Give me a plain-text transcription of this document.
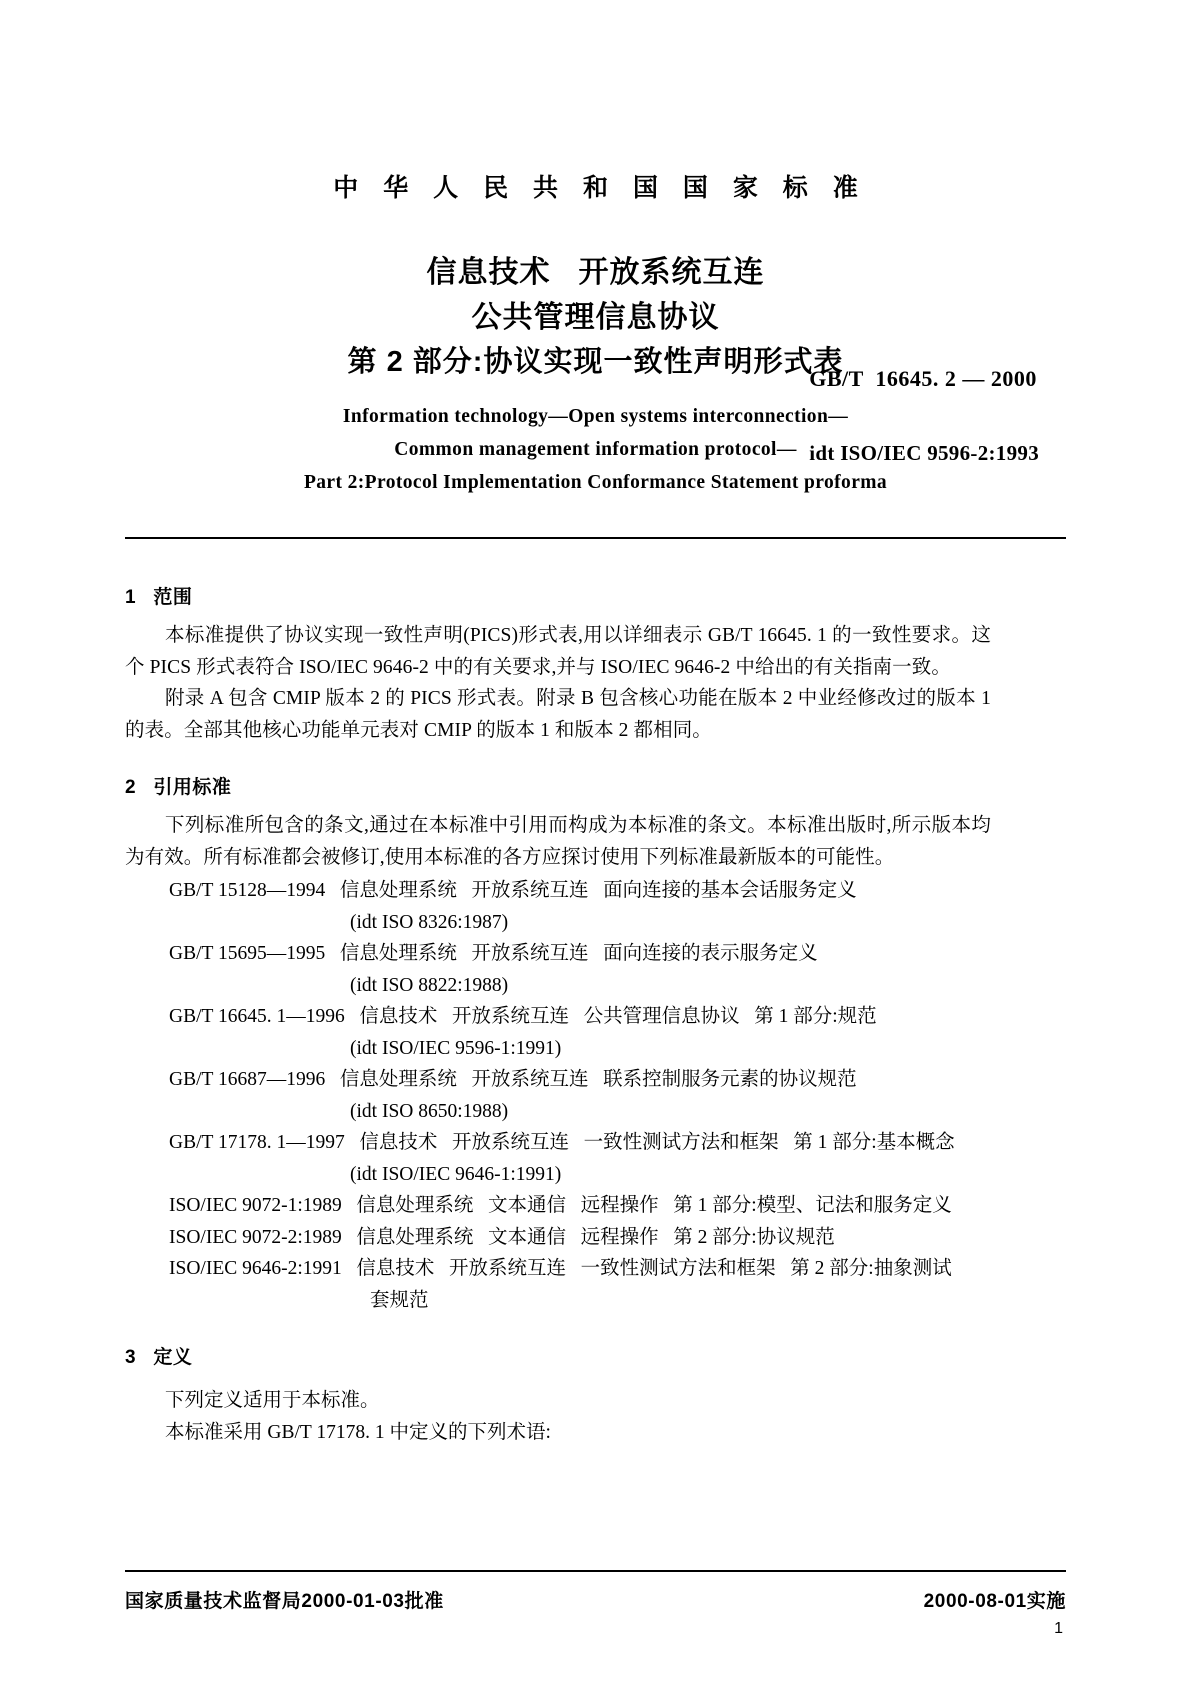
中 华 人 民 共 和 国 国 家 标 准
信息技术   开放系统互连
公共管理信息协议
第 2 部分:协议实现一致性声明形式表

GB/T  16645. 2 — 2000

idt ISO/IEC 9596-2:1993

Information technology—Open systems interconnection—
Common management information protocol—
Part 2:Protocol Implementation Conformance Statement proforma
1   范围

本标准提供了协议实现一致性声明(PICS)形式表,用以详细表示 GB/T 16645. 1 的一致性要求。这个 PICS 形式表符合 ISO/IEC 9646-2 中的有关要求,并与 ISO/IEC 9646-2 中给出的有关指南一致。

附录 A 包含 CMIP 版本 2 的 PICS 形式表。附录 B 包含核心功能在版本 2 中业经修改过的版本 1 的表。全部其他核心功能单元表对 CMIP 的版本 1 和版本 2 都相同。

2   引用标准

下列标准所包含的条文,通过在本标准中引用而构成为本标准的条文。本标准出版时,所示版本均为有效。所有标准都会被修订,使用本标准的各方应探讨使用下列标准最新版本的可能性。

GB/T 15128—1994 信息处理系统   开放系统互连   面向连接的基本会话服务定义
(idt ISO 8326:1987)
GB/T 15695—1995 信息处理系统   开放系统互连   面向连接的表示服务定义
(idt ISO 8822:1988)
GB/T 16645. 1—1996 信息技术   开放系统互连   公共管理信息协议   第 1 部分:规范
(idt ISO/IEC 9596-1:1991)
GB/T 16687—1996 信息处理系统   开放系统互连   联系控制服务元素的协议规范
(idt ISO 8650:1988)
GB/T 17178. 1—1997 信息技术   开放系统互连   一致性测试方法和框架   第 1 部分:基本概念
(idt ISO/IEC 9646-1:1991)
ISO/IEC 9072-1:1989 信息处理系统   文本通信   远程操作   第 1 部分:模型、记法和服务定义
ISO/IEC 9072-2:1989 信息处理系统   文本通信   远程操作   第 2 部分:协议规范
ISO/IEC 9646-2:1991 信息技术   开放系统互连   一致性测试方法和框架   第 2 部分:抽象测试
套规范
3   定义
下列定义适用于本标准。
本标准采用 GB/T 17178. 1 中定义的下列术语:
国家质量技术监督局2000-01-03批准	2000-08-01实施
1
